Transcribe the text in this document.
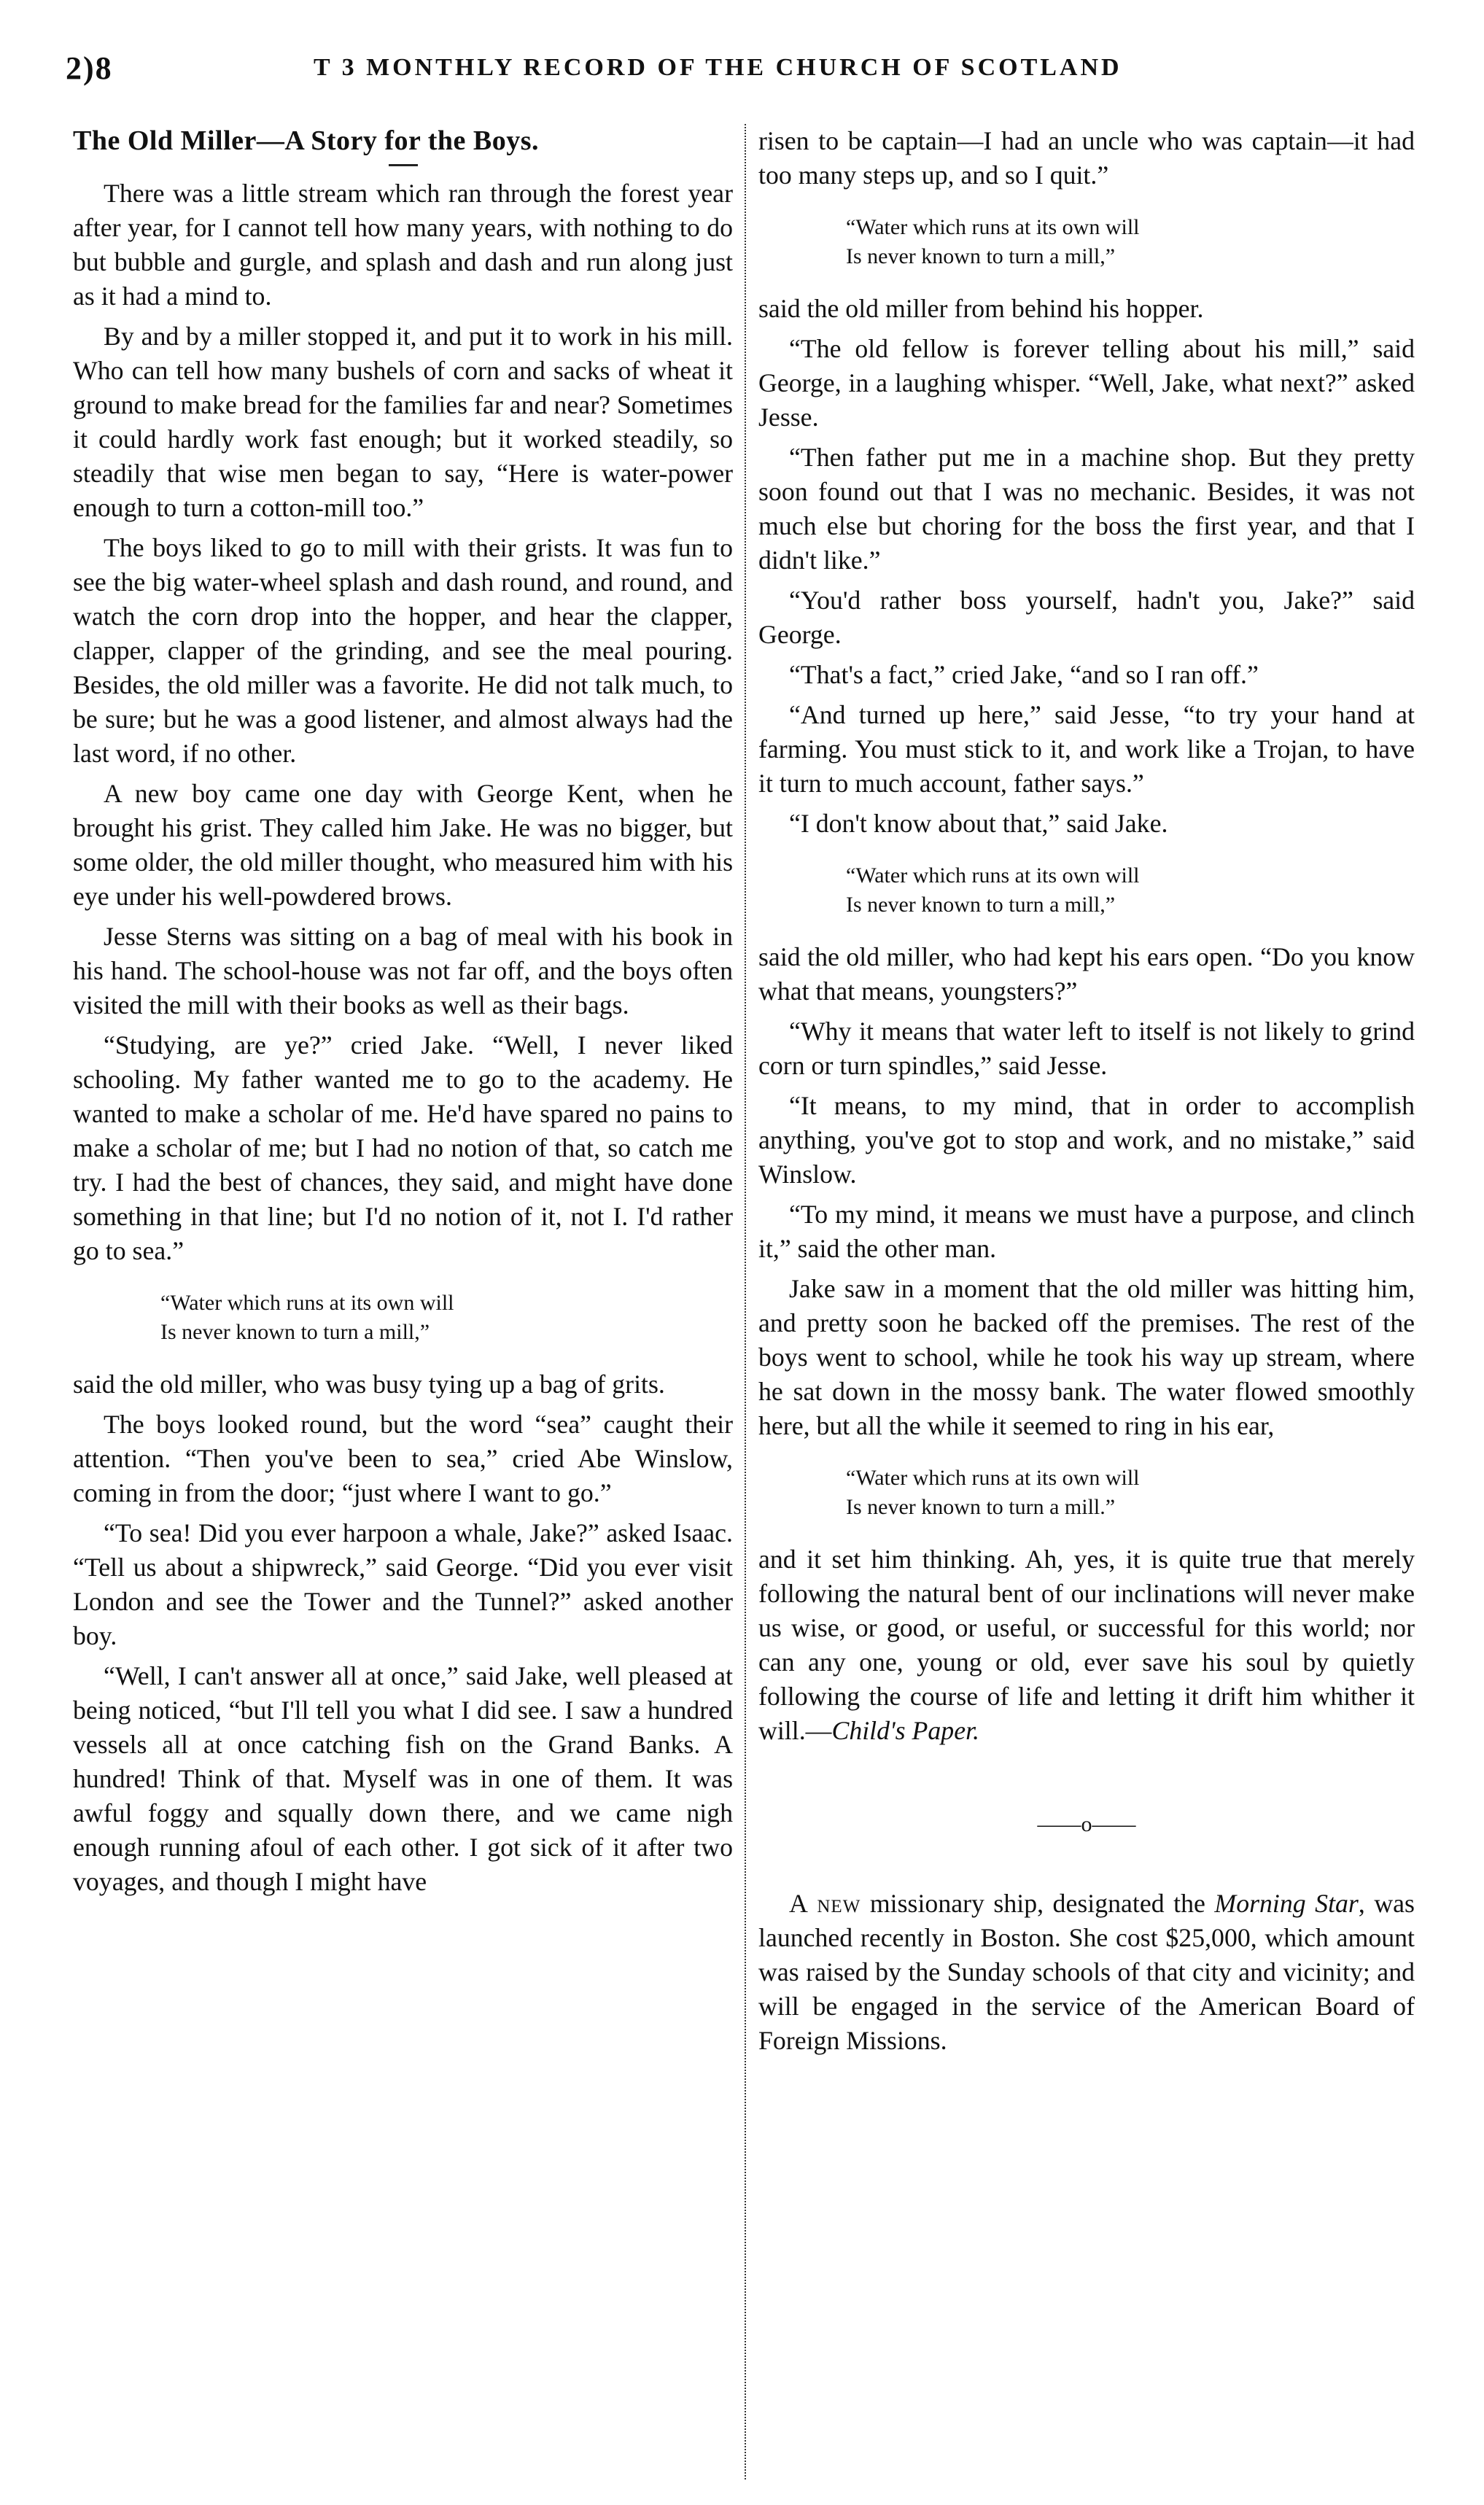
2)8	T 3 MONTHLY RECORD OF THE CHURCH OF SCOTLAND
The Old Miller—A Story for the Boys.

There was a little stream which ran through the forest year after year, for I cannot tell how many years, with nothing to do but bubble and gurgle, and splash and dash and run along just as it had a mind to.

By and by a miller stopped it, and put it to work in his mill. Who can tell how many bushels of corn and sacks of wheat it ground to make bread for the families far and near? Sometimes it could hardly work fast enough; but it worked steadily, so steadily that wise men began to say, “Here is water-power enough to turn a cotton-mill too.”

The boys liked to go to mill with their grists. It was fun to see the big water-wheel splash and dash round, and round, and watch the corn drop into the hopper, and hear the clapper, clapper, clapper of the grinding, and see the meal pouring. Besides, the old miller was a favorite. He did not talk much, to be sure; but he was a good listener, and almost always had the last word, if no other.

A new boy came one day with George Kent, when he brought his grist. They called him Jake. He was no bigger, but some older, the old miller thought, who measured him with his eye under his well-powdered brows.

Jesse Sterns was sitting on a bag of meal with his book in his hand. The school-house was not far off, and the boys often visited the mill with their books as well as their bags.

“Studying, are ye?” cried Jake. “Well, I never liked schooling. My father wanted me to go to the academy. He wanted to make a scholar of me. He'd have spared no pains to make a scholar of me; but I had no notion of that, so catch me try. I had the best of chances, they said, and might have done something in that line; but I'd no notion of it, not I. I'd rather go to sea.”

“Water which runs at its own will
Is never known to turn a mill,”

said the old miller, who was busy tying up a bag of grits.

The boys looked round, but the word “sea” caught their attention. “Then you've been to sea,” cried Abe Winslow, coming in from the door; “just where I want to go.”

“To sea! Did you ever harpoon a whale, Jake?” asked Isaac. “Tell us about a shipwreck,” said George. “Did you ever visit London and see the Tower and the Tunnel?” asked another boy.

“Well, I can't answer all at once,” said Jake, well pleased at being noticed, “but I'll tell you what I did see. I saw a hundred vessels all at once catching fish on the Grand Banks. A hundred! Think of that. Myself was in one of them. It was awful foggy and squally down there, and we came nigh enough running afoul of each other. I got sick of it after two voyages, and though I might have

risen to be captain—I had an uncle who was captain—it had too many steps up, and so I quit.”

“Water which runs at its own will
Is never known to turn a mill,”

said the old miller from behind his hopper.

“The old fellow is forever telling about his mill,” said George, in a laughing whisper. “Well, Jake, what next?” asked Jesse.

“Then father put me in a machine shop. But they pretty soon found out that I was no mechanic. Besides, it was not much else but choring for the boss the first year, and that I didn't like.”

“You'd rather boss yourself, hadn't you, Jake?” said George.

“That's a fact,” cried Jake, “and so I ran off.”

“And turned up here,” said Jesse, “to try your hand at farming. You must stick to it, and work like a Trojan, to have it turn to much account, father says.”

“I don't know about that,” said Jake.

“Water which runs at its own will
Is never known to turn a mill,”

said the old miller, who had kept his ears open. “Do you know what that means, youngsters?”

“Why it means that water left to itself is not likely to grind corn or turn spindles,” said Jesse.

“It means, to my mind, that in order to accomplish anything, you've got to stop and work, and no mistake,” said Winslow.

“To my mind, it means we must have a purpose, and clinch it,” said the other man.

Jake saw in a moment that the old miller was hitting him, and pretty soon he backed off the premises. The rest of the boys went to school, while he took his way up stream, where he sat down in the mossy bank. The water flowed smoothly here, but all the while it seemed to ring in his ear,

“Water which runs at its own will
Is never known to turn a mill.”

and it set him thinking. Ah, yes, it is quite true that merely following the natural bent of our inclinations will never make us wise, or good, or useful, or successful for this world; nor can any one, young or old, ever save his soul by quietly following the course of life and letting it drift him whither it will.—Child's Paper.

——o——

A new missionary ship, designated the Morning Star, was launched recently in Boston. She cost $25,000, which amount was raised by the Sunday schools of that city and vicinity; and will be engaged in the service of the American Board of Foreign Missions.
